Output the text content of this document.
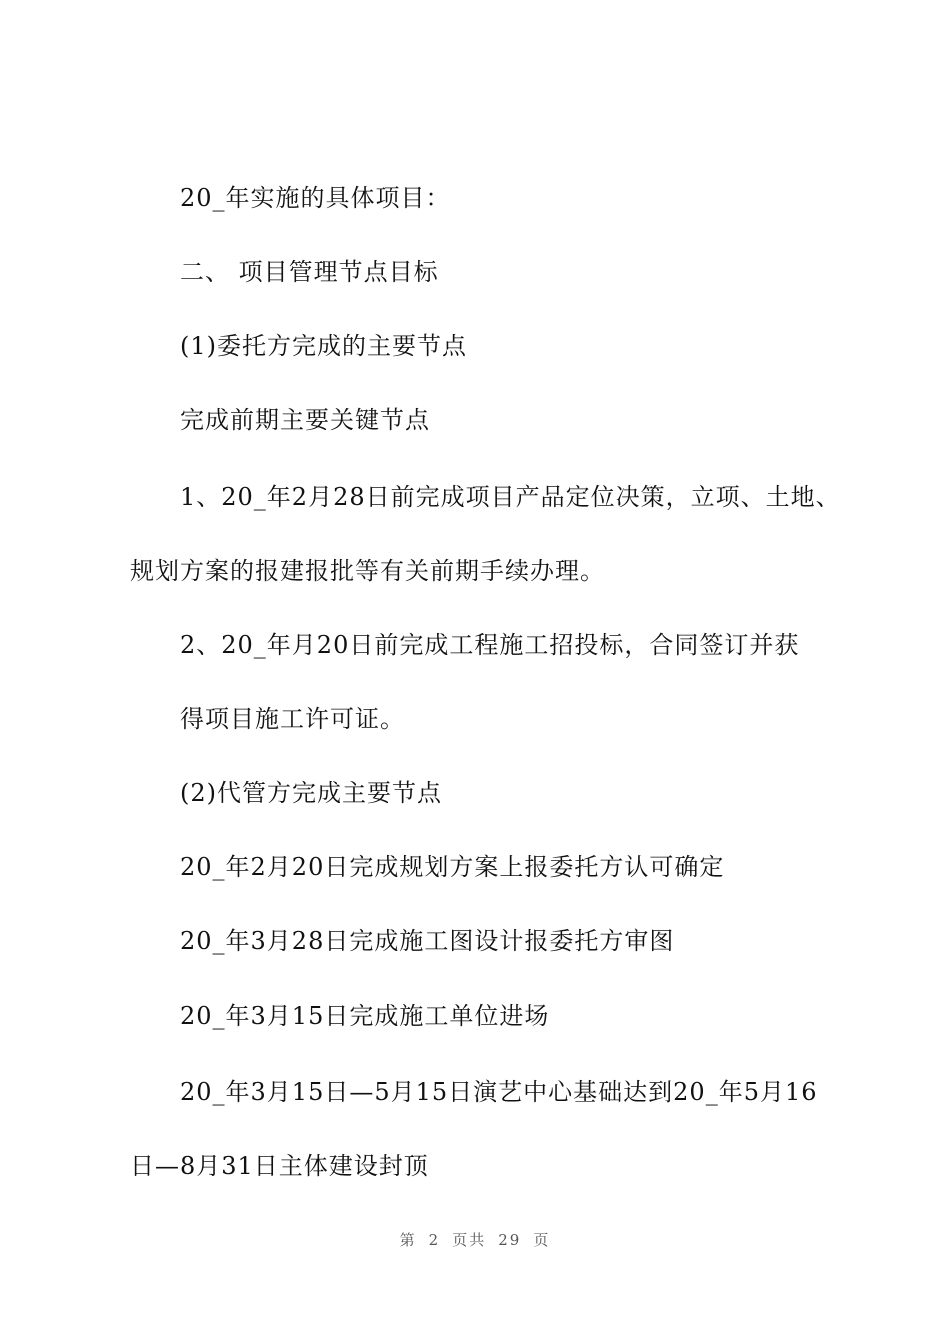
20_年实施的具体项目：
二、 项目管理节点目标
(1)委托方完成的主要节点
完成前期主要关键节点
1、20_年2月28日前完成项目产品定位决策，立项、土地、
规划方案的报建报批等有关前期手续办理。
2、20_年月20日前完成工程施工招投标，合同签订并获
得项目施工许可证。
(2)代管方完成主要节点
20_年2月20日完成规划方案上报委托方认可确定
20_年3月28日完成施工图设计报委托方审图
20_年3月15日完成施工单位进场
20_年3月15日—5月15日演艺中心基础达到20_年5月16
日—8月31日主体建设封顶
第 2 页共 29 页
